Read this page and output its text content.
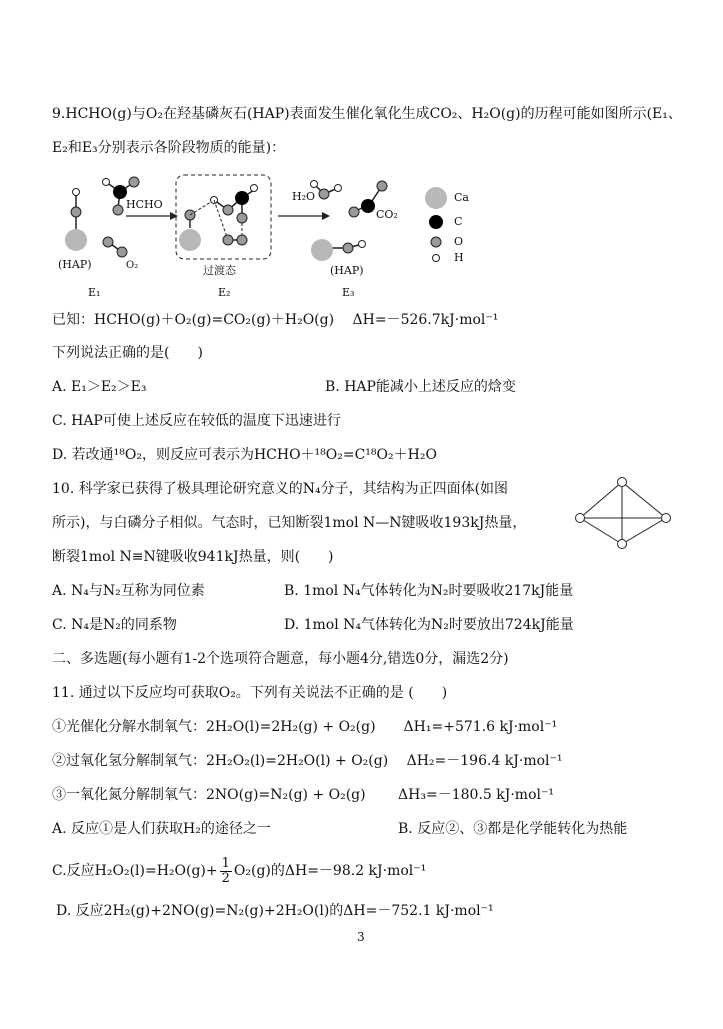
9.HCHO(g)与O₂在羟基磷灰石(HAP)表面发生催化氧化生成CO₂、H₂O(g)的历程可能如图所示(E₁、
E₂和E₃分别表示各阶段物质的能量)：
HCHO
(HAP)	O₂	过渡态
H₂O
CO₂
(HAP)
E₁	E₂	E₃
Ca
C
O
H
已知：HCHO(g)＋O₂(g)=CO₂(g)＋H₂O(g)　 ΔH=－526.7kJ·mol⁻¹
下列说法正确的是(　　)
A. E₁＞E₂＞E₃	B. HAP能减小上述反应的焓变
C. HAP可使上述反应在较低的温度下迅速进行
D. 若改通¹⁸O₂，则反应可表示为HCHO＋¹⁸O₂=C¹⁸O₂＋H₂O
10. 科学家已获得了极具理论研究意义的N₄分子，其结构为正四面体(如图
所示)，与白磷分子相似。气态时，已知断裂1mol N—N键吸收193kJ热量，
断裂1mol N≡N键吸收941kJ热量，则(　　)
A. N₄与N₂互称为同位素	B. 1mol N₄气体转化为N₂时要吸收217kJ能量
C. N₄是N₂的同系物	D. 1mol N₄气体转化为N₂时要放出724kJ能量
二、多选题(每小题有1-2个选项符合题意，每小题4分,错选0分，漏选2分)
11. 通过以下反应均可获取O₂。下列有关说法不正确的是 (　　)
①光催化分解水制氧气：2H₂O(l)=2H₂(g) + O₂(g)　　ΔH₁=+571.6 kJ·mol⁻¹
②过氧化氢分解制氧气：2H₂O₂(l)=2H₂O(l) + O₂(g)　 ΔH₂=－196.4 kJ·mol⁻¹
③一氧化氮分解制氧气：2NO(g)=N₂(g) + O₂(g)　　 ΔH₃=－180.5 kJ·mol⁻¹
A. 反应①是人们获取H₂的途径之一	B. 反应②、③都是化学能转化为热能
C.反应$H_2O_2(l)=H_2O(g)+ \frac{1}{2} O_2(g)$的ΔH=－98.2 kJ·mol⁻¹
D. 反应2H₂(g)+2NO(g)=N₂(g)+2H₂O(l)的ΔH=－752.1 kJ·mol⁻¹
3
